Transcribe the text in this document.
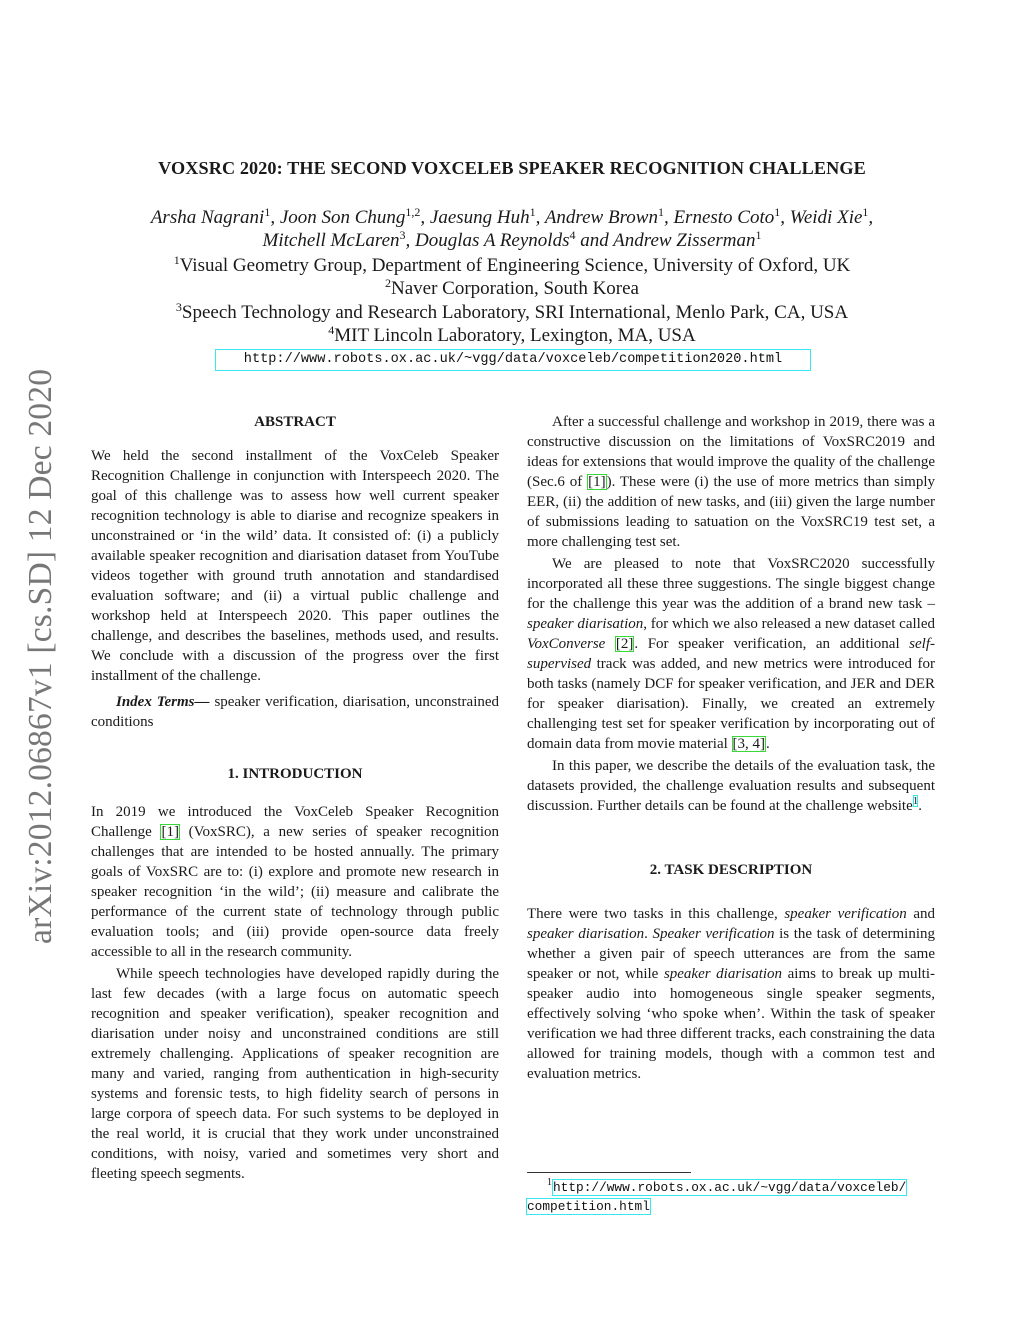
arXiv:2012.06867v1 [cs.SD] 12 Dec 2020
VOXSRC 2020: THE SECOND VOXCELEB SPEAKER RECOGNITION CHALLENGE
Arsha Nagrani$^1$, Joon Son Chung$^{1,2}$, Jaesung Huh$^1$, Andrew Brown$^1$, Ernesto Coto$^1$, Weidi Xie$^1$,
Mitchell McLaren$^3$, Douglas A Reynolds$^4$ and Andrew Zisserman$^1$
$^1$Visual Geometry Group, Department of Engineering Science, University of Oxford, UK
$^2$Naver Corporation, South Korea
$^3$Speech Technology and Research Laboratory, SRI International, Menlo Park, CA, USA
$^4$MIT Lincoln Laboratory, Lexington, MA, USA
http://www.robots.ox.ac.uk/~vgg/data/voxceleb/competition2020.html
ABSTRACT

We held the second installment of the VoxCeleb Speaker Recognition Challenge in conjunction with Interspeech 2020. The goal of this challenge was to assess how well current speaker recognition technology is able to diarise and recognize speakers in unconstrained or ‘in the wild’ data. It consisted of: (i) a publicly available speaker recognition and diarisation dataset from YouTube videos together with ground truth annotation and standardised evaluation software; and (ii) a virtual public challenge and workshop held at Interspeech 2020. This paper outlines the challenge, and describes the baselines, methods used, and results. We conclude with a discussion of the progress over the first installment of the challenge.

Index Terms— speaker verification, diarisation, unconstrained conditions

1. INTRODUCTION

In 2019 we introduced the VoxCeleb Speaker Recognition Challenge [1] (VoxSRC), a new series of speaker recognition challenges that are intended to be hosted annually. The primary goals of VoxSRC are to: (i) explore and promote new research in speaker recognition ‘in the wild’; (ii) measure and calibrate the performance of the current state of technology through public evaluation tools; and (iii) provide open-source data freely accessible to all in the research community.

While speech technologies have developed rapidly during the last few decades (with a large focus on automatic speech recognition and speaker verification), speaker recognition and diarisation under noisy and unconstrained conditions are still extremely challenging. Applications of speaker recognition are many and varied, ranging from authentication in high-security systems and forensic tests, to high fidelity search of persons in large corpora of speech data. For such systems to be deployed in the real world, it is crucial that they work under unconstrained conditions, with noisy, varied and sometimes very short and fleeting speech segments.

After a successful challenge and workshop in 2019, there was a constructive discussion on the limitations of VoxSRC2019 and ideas for extensions that would improve the quality of the challenge (Sec.6 of [1]). These were (i) the use of more metrics than simply EER, (ii) the addition of new tasks, and (iii) given the large number of submissions leading to satuation on the VoxSRC19 test set, a more challenging test set.

We are pleased to note that VoxSRC2020 successfully incorporated all these three suggestions. The single biggest change for the challenge this year was the addition of a brand new task – speaker diarisation, for which we also released a new dataset called VoxConverse [2]. For speaker verification, an additional self-supervised track was added, and new metrics were introduced for both tasks (namely DCF for speaker verification, and JER and DER for speaker diarisation). Finally, we created an extremely challenging test set for speaker verification by incorporating out of domain data from movie material [3, 4].

In this paper, we describe the details of the evaluation task, the datasets provided, the challenge evaluation results and subsequent discussion. Further details can be found at the challenge website$^1$.

2. TASK DESCRIPTION

There were two tasks in this challenge, speaker verification and speaker diarisation. Speaker verification is the task of determining whether a given pair of speech utterances are from the same speaker or not, while speaker diarisation aims to break up multi-speaker audio into homogeneous single speaker segments, effectively solving ‘who spoke when’. Within the task of speaker verification we had three different tracks, each constraining the data allowed for training models, though with a common test and evaluation metrics.

$^1$http://www.robots.ox.ac.uk/~vgg/data/voxceleb/
competition.html
